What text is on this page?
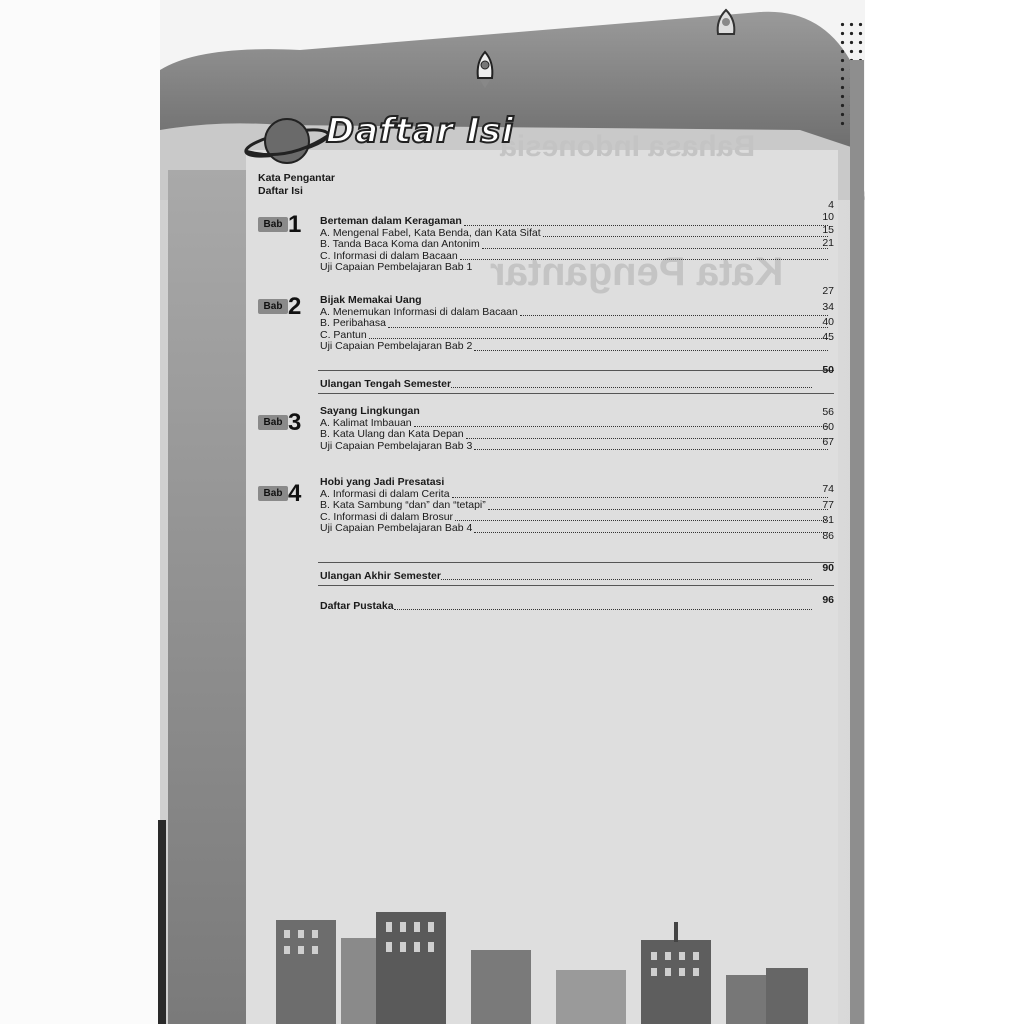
Bahasa Indonesia
Kata Pengantar
Daftar Isi
Kata Pengantar
Daftar Isi
Bab 1 Berteman dalam Keragaman
A. Mengenal Fabel, Kata Benda, dan Kata Sifat
B. Tanda Baca Koma dan Antonim
C. Informasi di dalam Bacaan
Uji Capaian Pembelajaran Bab 1
4
10
15
21
Bab 2 Bijak Memakai Uang
A. Menemukan Informasi di dalam Bacaan
B. Peribahasa
C. Pantun
Uji Capaian Pembelajaran Bab 2
27
34
40
45
Ulangan Tengah Semester
50
Bab 3 Sayang Lingkungan
A. Kalimat Imbauan
B. Kata Ulang dan Kata Depan
Uji Capaian Pembelajaran Bab 3
56
60
67
Bab 4 Hobi yang Jadi Presatasi
A. Informasi di dalam Cerita
B. Kata Sambung “dan” dan “tetapi”
C. Informasi di dalam Brosur
Uji Capaian Pembelajaran Bab 4
74
77
81
86
Ulangan Akhir Semester
90
Daftar Pustaka	96
